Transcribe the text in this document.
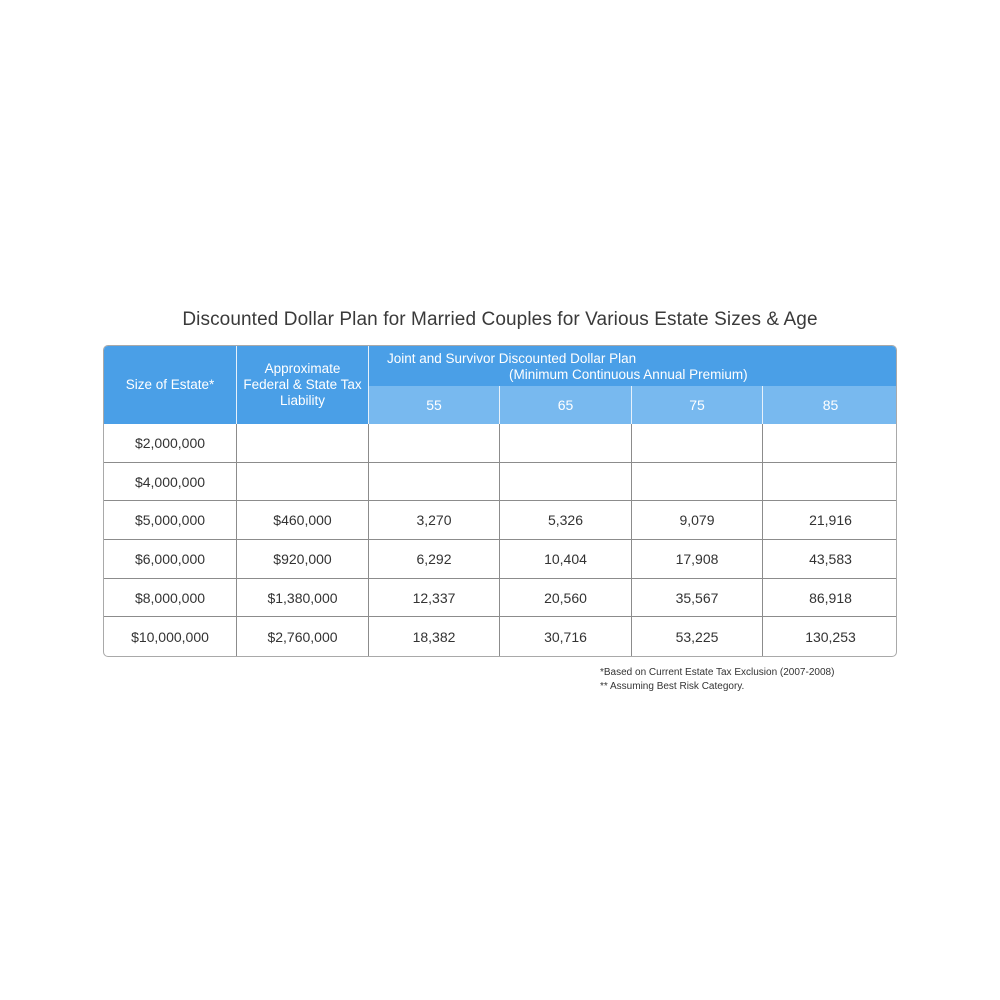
Discounted Dollar Plan for Married Couples for Various Estate Sizes & Age
Size of Estate*
Approximate
Federal & State Tax
Liability
Joint and Survivor Discounted Dollar Plan
(Minimum Continuous Annual Premium)
55	65	75	85
$2,000,000
$4,000,000
$5,000,000	$460,000	3,270	5,326	9,079	21,916
$6,000,000	$920,000	6,292	10,404	17,908	43,583
$8,000,000	$1,380,000	12,337	20,560	35,567	86,918
$10,000,000	$2,760,000	18,382	30,716	53,225	130,253
*Based on Current Estate Tax Exclusion (2007-2008)
** Assuming Best Risk Category.
